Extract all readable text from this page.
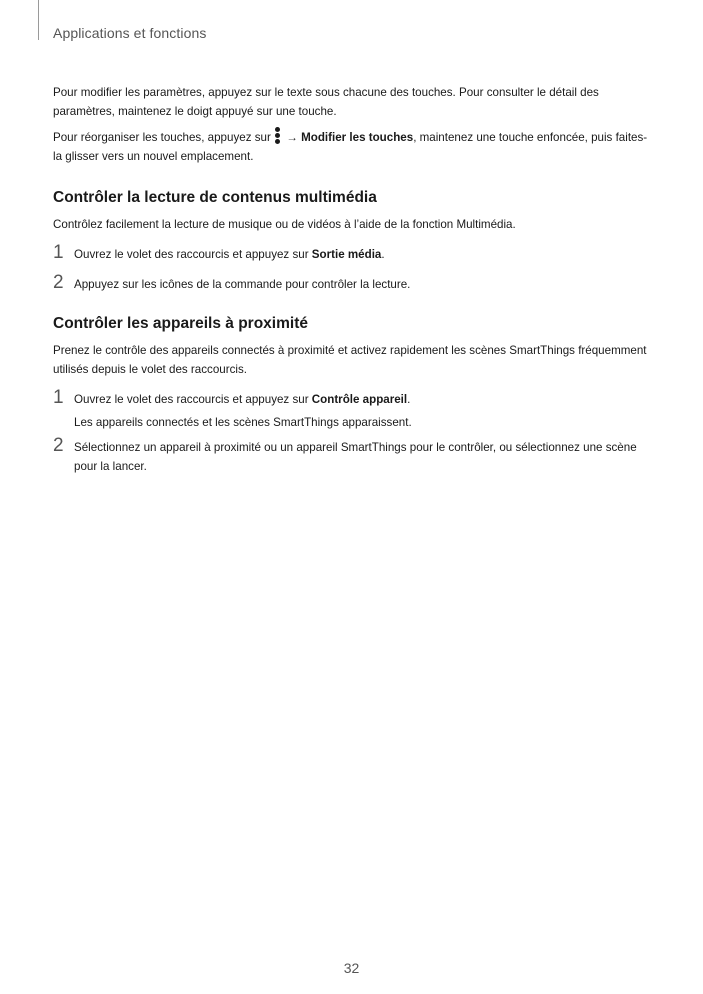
Applications et fonctions

Pour modifier les paramètres, appuyez sur le texte sous chacune des touches. Pour consulter le détail des paramètres, maintenez le doigt appuyé sur une touche.

Pour réorganiser les touches, appuyez sur
→ Modifier les touches, maintenez une touche enfoncée, puis faites-la glisser vers un nouvel emplacement.

Contrôler la lecture de contenus multimédia

Contrôlez facilement la lecture de musique ou de vidéos à l’aide de la fonction Multimédia.

1 Ouvrez le volet des raccourcis et appuyez sur Sortie média.
2 Appuyez sur les icônes de la commande pour contrôler la lecture.
Contrôler les appareils à proximité

Prenez le contrôle des appareils connectés à proximité et activez rapidement les scènes SmartThings fréquemment utilisés depuis le volet des raccourcis.

1 Ouvrez le volet des raccourcis et appuyez sur Contrôle appareil.
Les appareils connectés et les scènes SmartThings apparaissent.
2 Sélectionnez un appareil à proximité ou un appareil SmartThings pour le contrôler, ou sélectionnez une scène pour la lancer.
32
